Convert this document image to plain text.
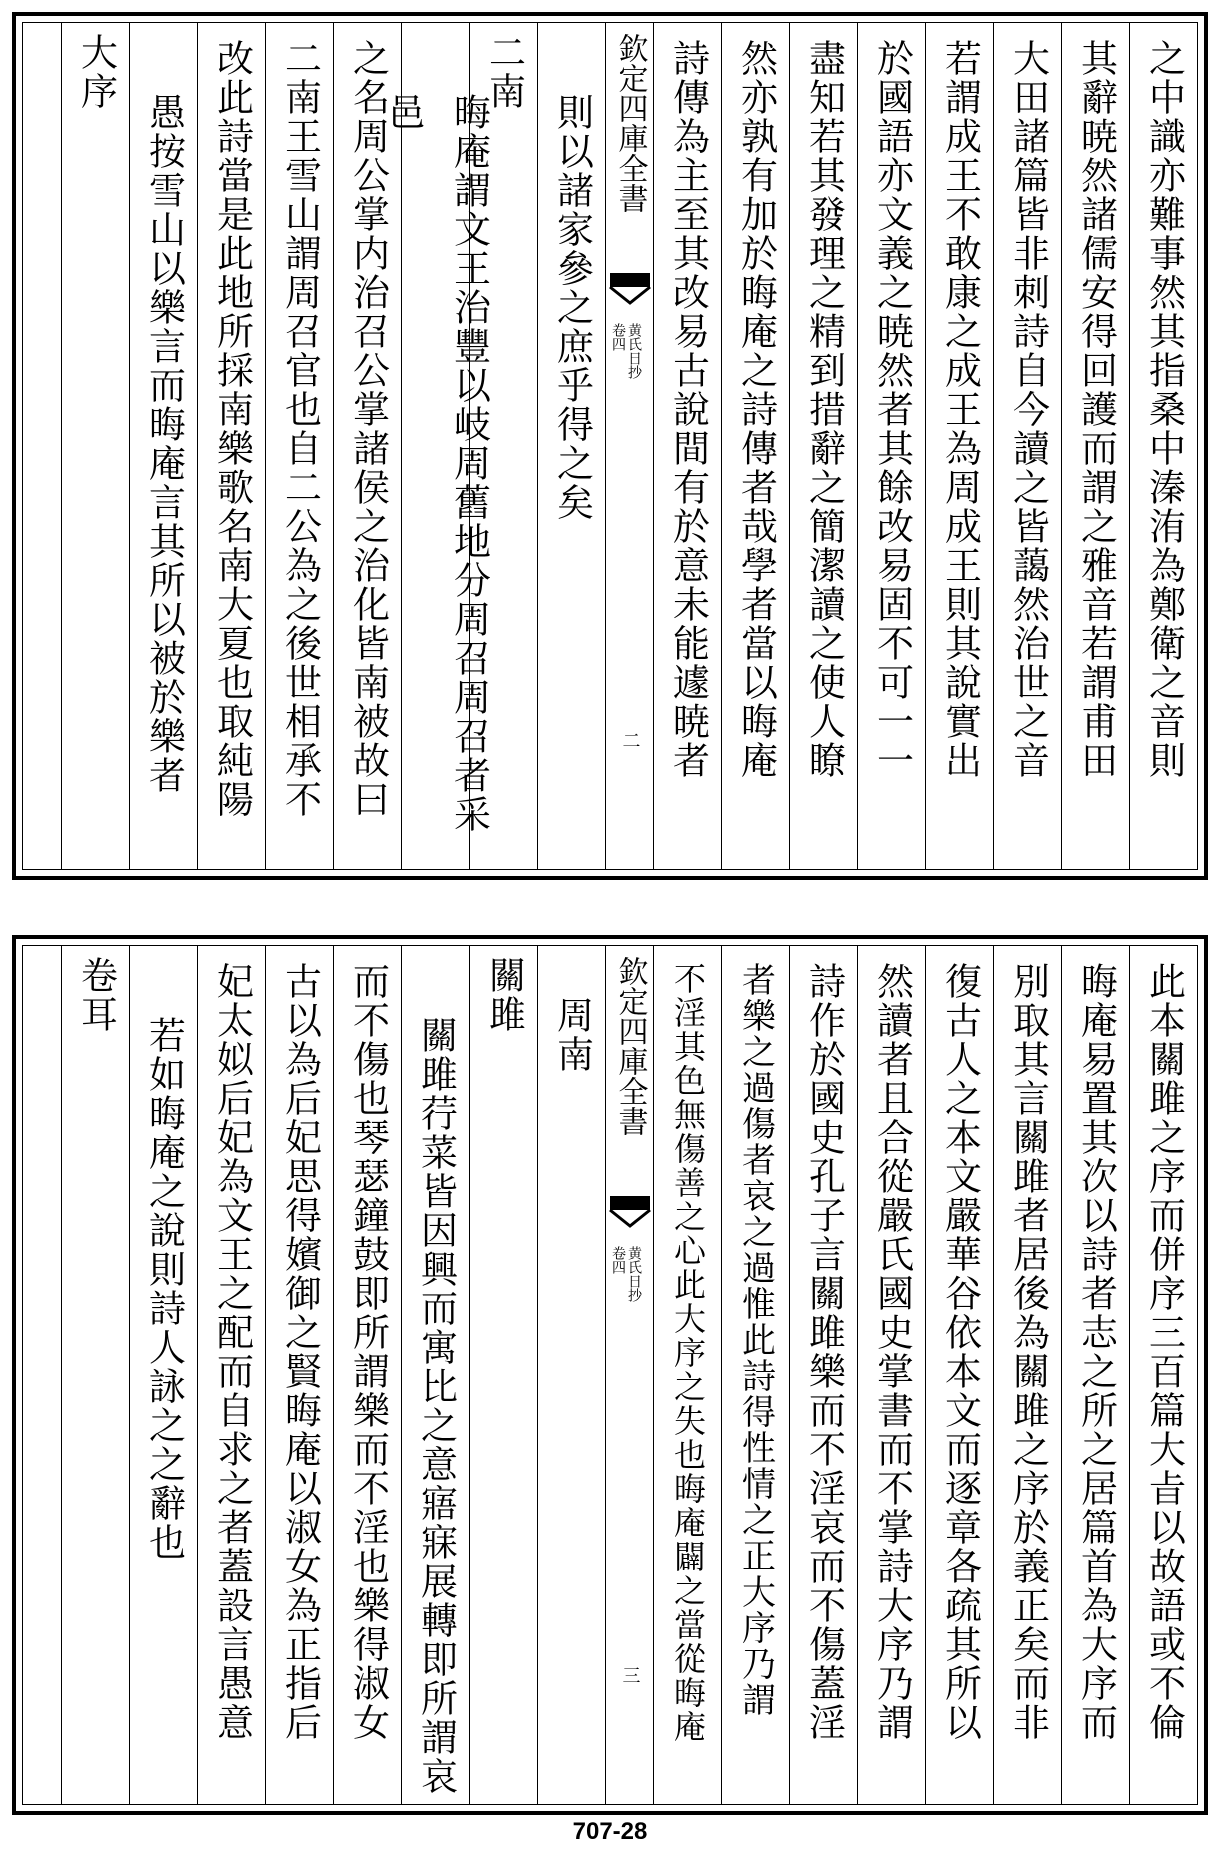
之中識亦難事然其指桑中溱洧為鄭衛之音則
其辭暁然諸儒安得回護而謂之雅音若謂甫田
大田諸篇皆非刺詩自今讀之皆藹然治世之音
若謂成王不敢康之成王為周成王則其說實出
於國語亦文義之暁然者其餘改易固不可一一
盡知若其發理之精到措辭之簡潔讀之使人瞭
然亦孰有加於晦庵之詩傳者哉學者當以晦庵
詩傳為主至其改易古說間有於意未能遽暁者
欽定四庫全書
黄氏日抄
卷四
二
則以諸家參之庶乎得之矣
二南
晦庵謂文王治豐以岐周舊地分周召周召者采邑
之名周公掌内治召公掌諸侯之治化皆南被故曰
二南王雪山謂周召官也自二公為之後世相承不
改此詩當是此地所採南樂歌名南大夏也取純陽
愚按雪山以樂言而晦庵言其所以被於樂者
大序
此本關雎之序而併序三百篇大㫖以故語或不倫
晦庵易置其次以詩者志之所之居篇首為大序而
別取其言關雎者居後為關雎之序於義正矣而非
復古人之本文嚴華谷依本文而逐章各疏其所以
然讀者且合從嚴氏國史掌書而不掌詩大序乃謂
詩作於國史孔子言關雎樂而不淫哀而不傷蓋淫
者樂之過傷者哀之過惟此詩得性情之正大序乃謂
不淫其色無傷善之心此大序之失也晦庵闢之當從晦庵
欽定四庫全書
黄氏日抄
卷四
三
周南
關雎
關雎荇菜皆因興而寓比之意寤寐展轉即所謂哀
而不傷也琴瑟鐘鼓即所謂樂而不淫也樂得淑女
古以為后妃思得嬪御之賢晦庵以淑女為正指后
妃太姒后妃為文王之配而自求之者蓋設言愚意
若如晦庵之說則詩人詠之之辭也
卷耳
707-28
